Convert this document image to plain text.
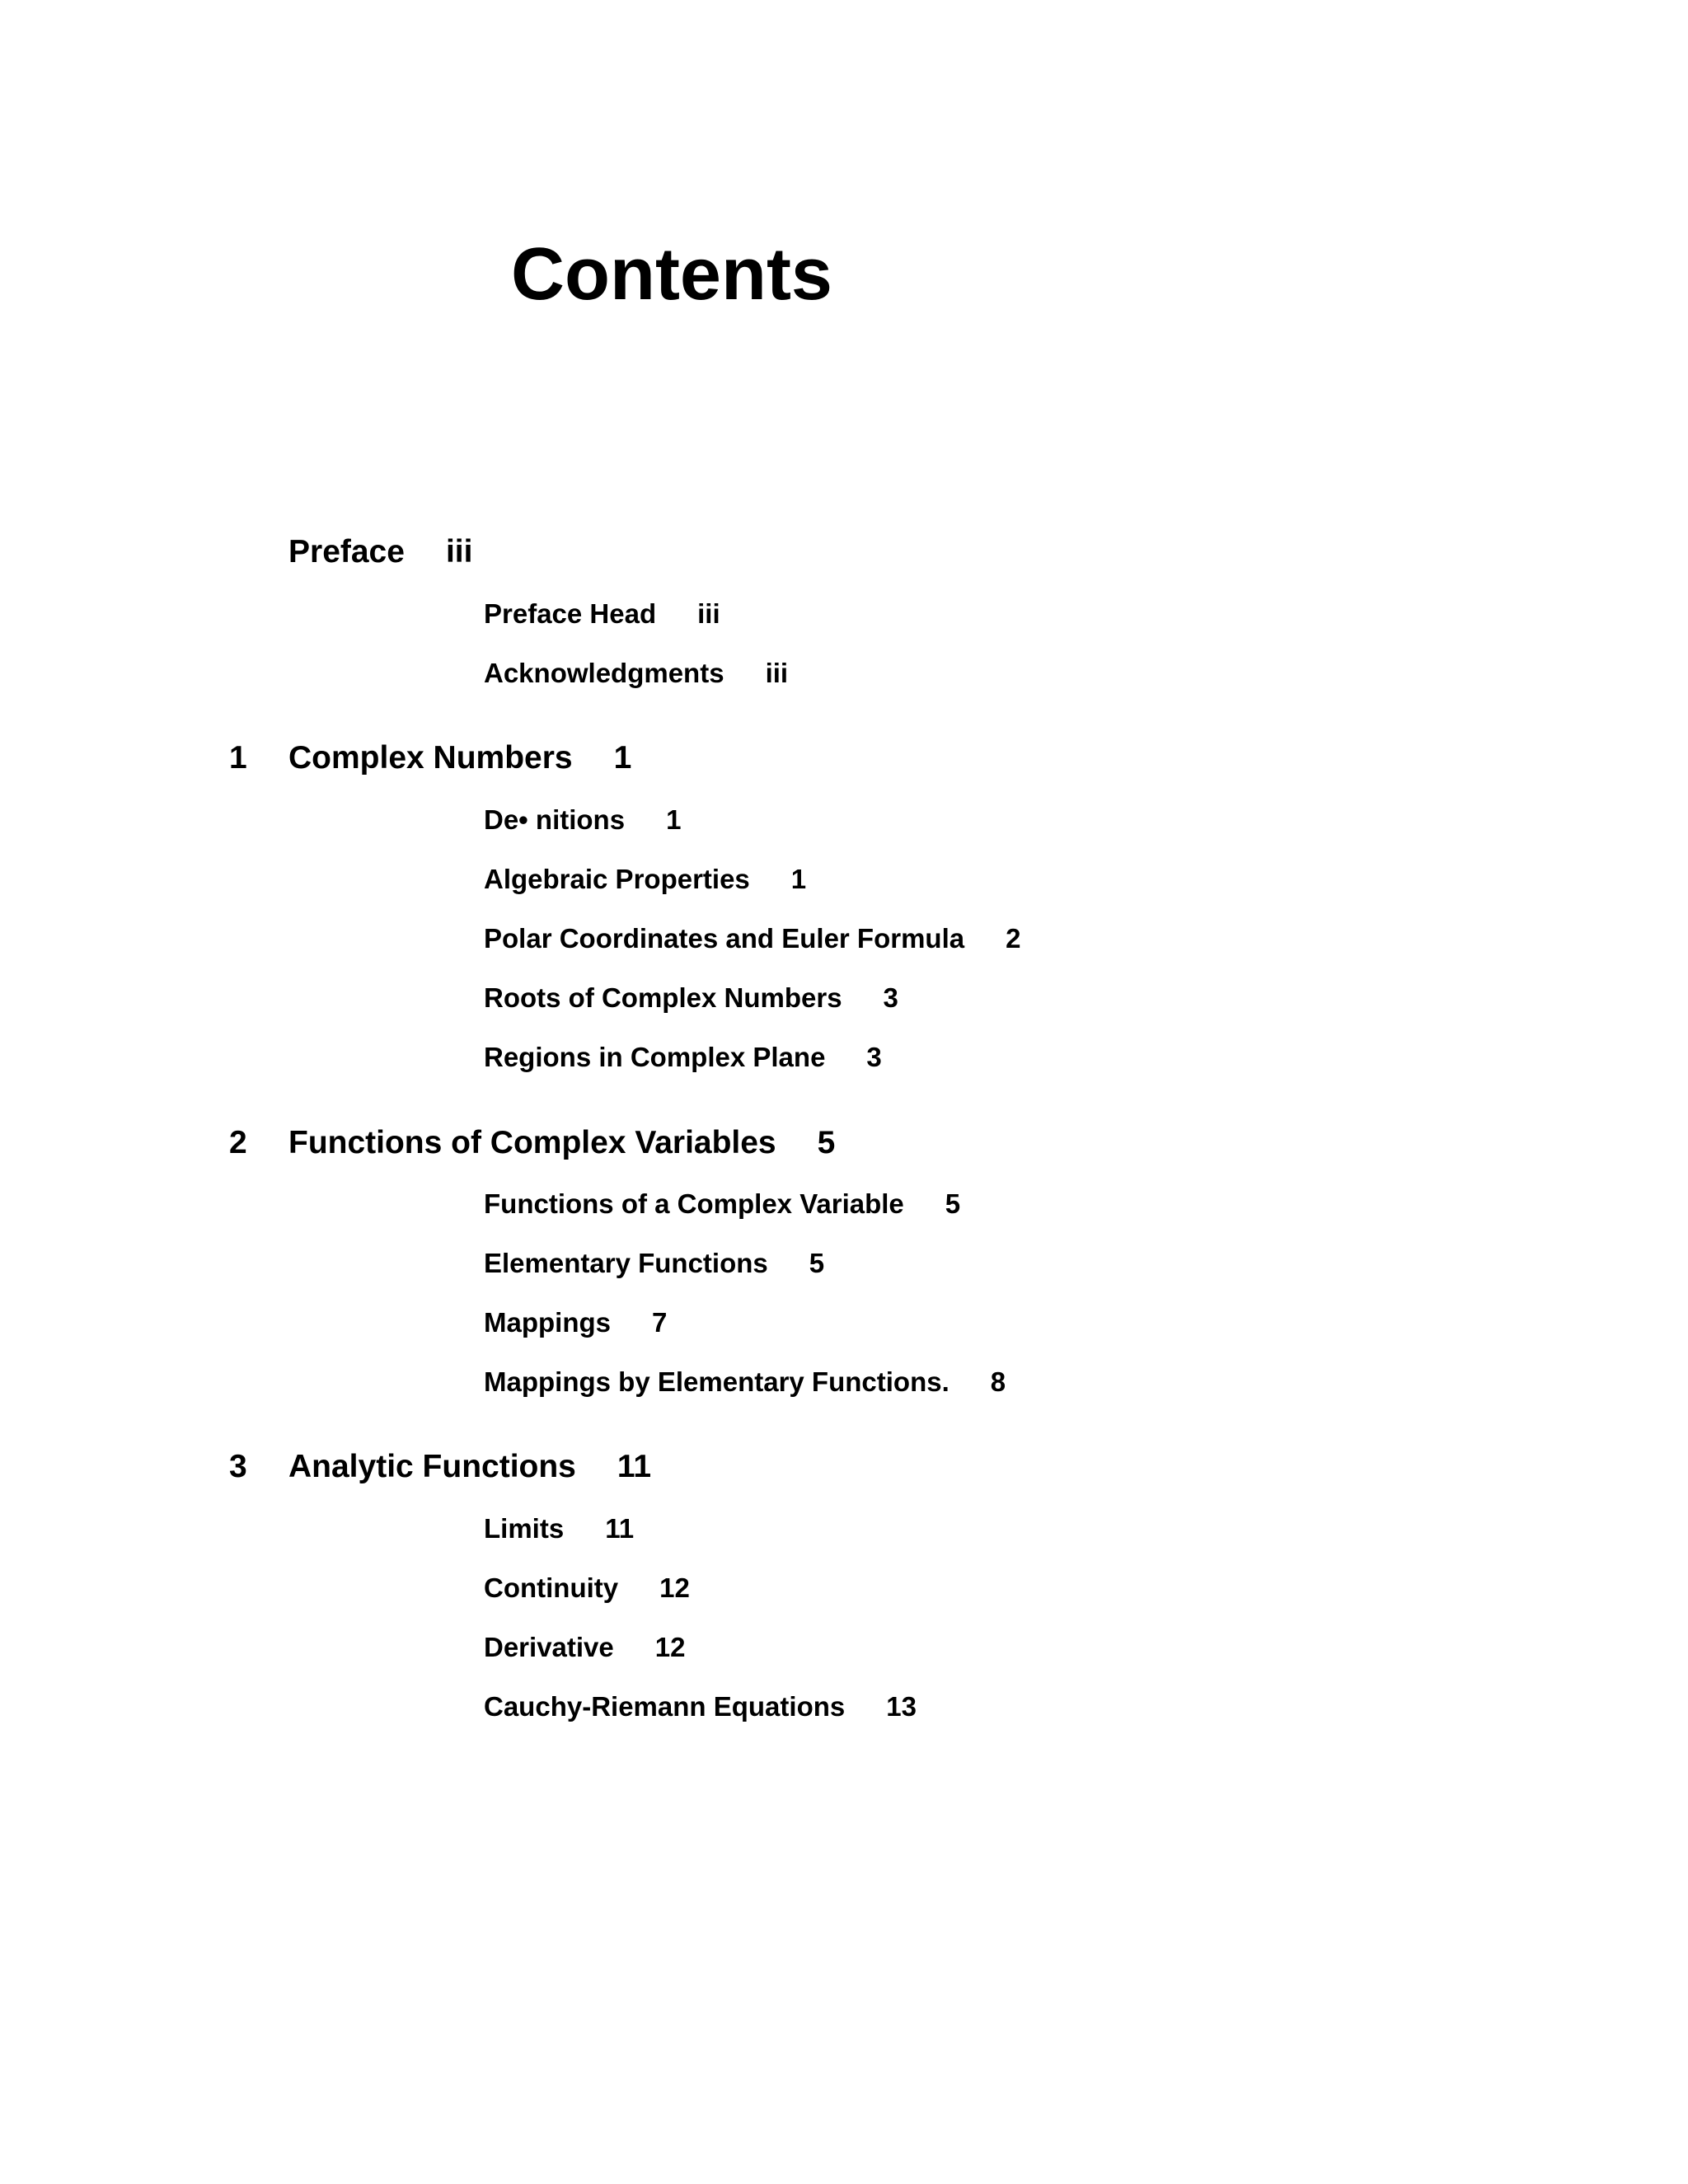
Contents
Preface iii
Preface Head iii
Acknowledgments iii
1 Complex Numbers 1
De• nitions 1
Algebraic Properties 1
Polar Coordinates and Euler Formula 2
Roots of Complex Numbers 3
Regions in Complex Plane 3
2 Functions of Complex Variables 5
Functions of a Complex Variable 5
Elementary Functions 5
Mappings 7
Mappings by Elementary Functions. 8
3 Analytic Functions 11
Limits 11
Continuity 12
Derivative 12
Cauchy-Riemann Equations 13
